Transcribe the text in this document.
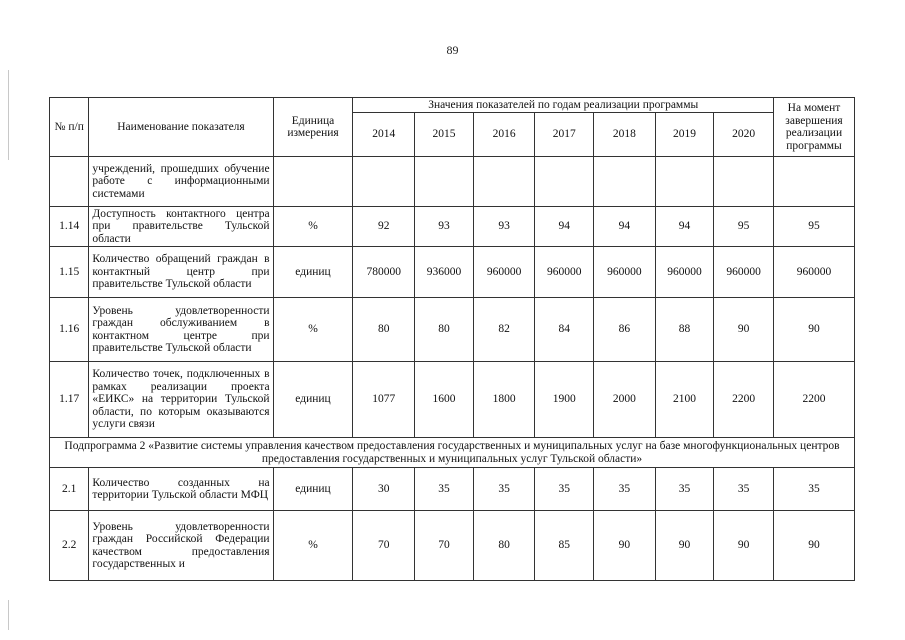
89
№ п/п	Наименование показателя	Единица измерения	Значения показателей по годам реализации программы							На момент завершения реализации программы
			2014	2015	2016	2017	2018	2019	2020	
	учреждений, прошедших обучение работе с информационными системами									
1.14	Доступность контактного центра при правительстве Тульской области	%	92	93	93	94	94	94	95	95
1.15	Количество обращений граждан в контактный центр при правительстве Тульской области	единиц	780000	936000	960000	960000	960000	960000	960000	960000
1.16	Уровень удовлетворенности граждан обслуживанием в контактном центре при правительстве Тульской области	%	80	80	82	84	86	88	90	90
1.17	Количество точек, подключенных в рамках реализации проекта «ЕИКС» на территории Тульской области, по которым оказываются услуги связи	единиц	1077	1600	1800	1900	2000	2100	2200	2200
Подпрограмма 2 «Развитие системы управления качеством предоставления государственных и муниципальных услуг на базе многофункциональных центров предоставления государственных и муниципальных услуг Тульской области»										
2.1	Количество созданных на территории Тульской области МФЦ	единиц	30	35	35	35	35	35	35	35
2.2	Уровень удовлетворенности граждан Российской Федерации качеством предоставления государственных и	%	70	70	80	85	90	90	90	90
